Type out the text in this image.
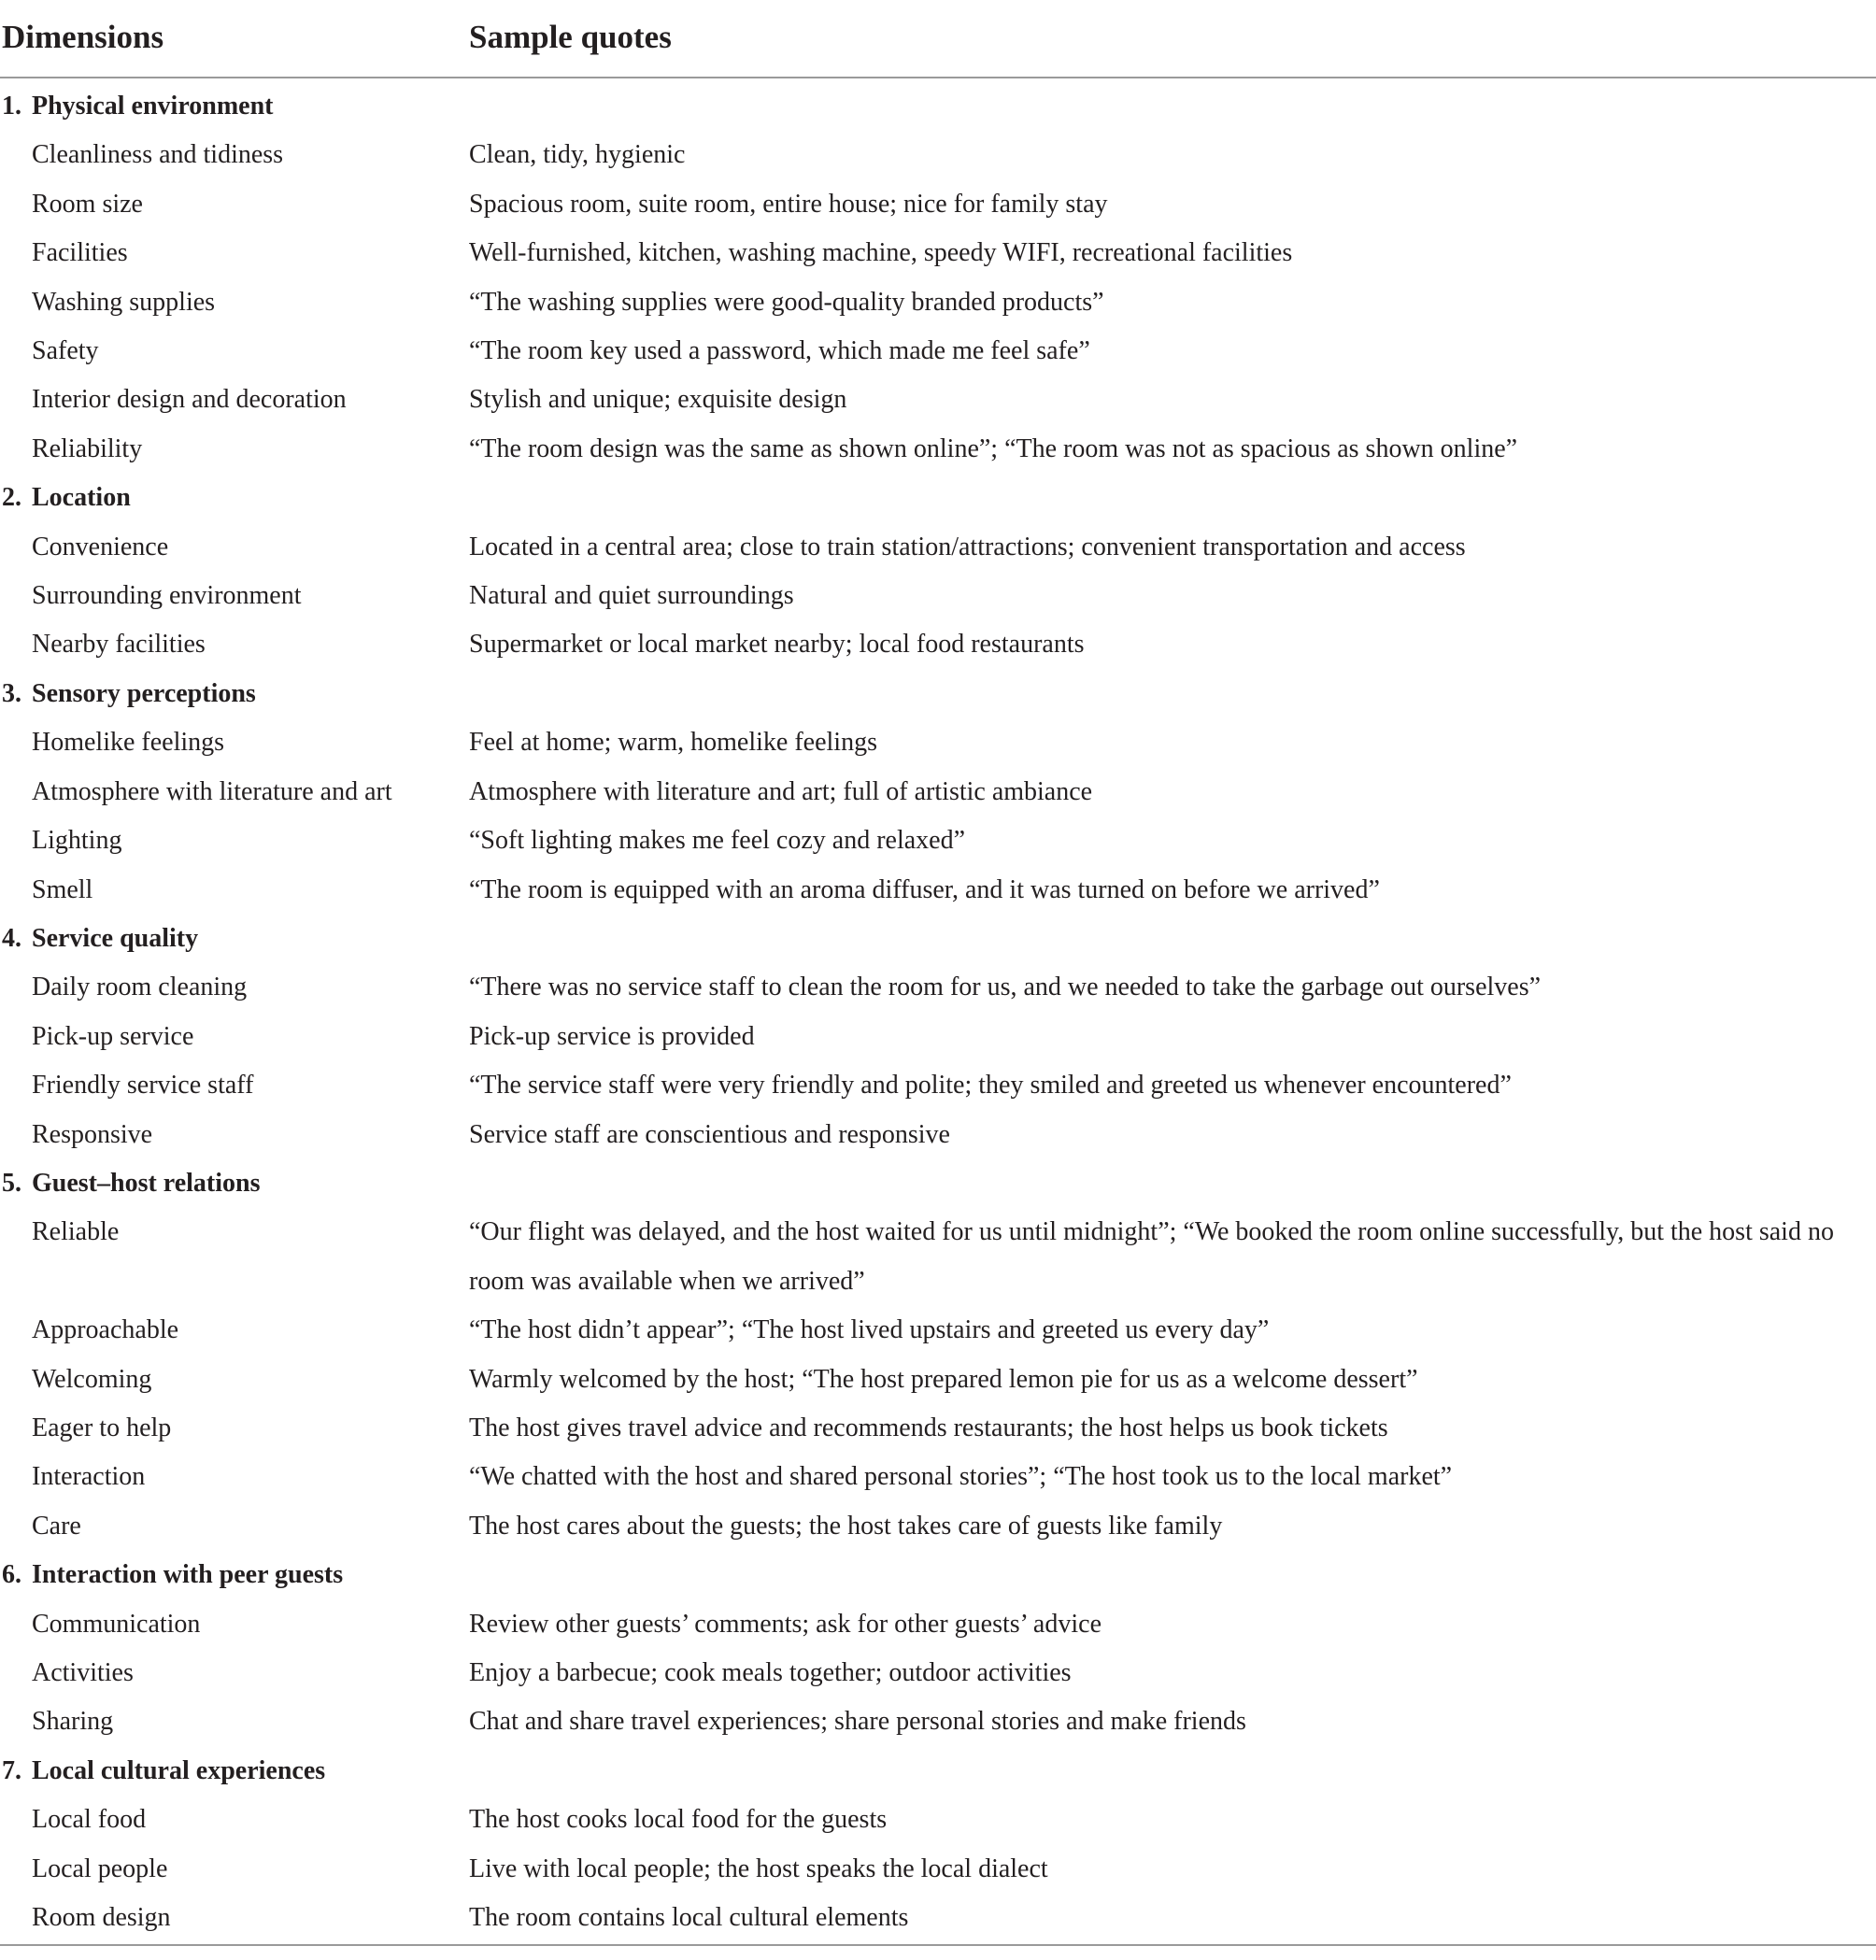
Dimensions	Sample quotes
1. Physical environment

Cleanliness and tidiness	Clean, tidy, hygienic
Room size	Spacious room, suite room, entire house; nice for family stay
Facilities	Well-furnished, kitchen, washing machine, speedy WIFI, recreational facilities
Washing supplies	“The washing supplies were good-quality branded products”
Safety	“The room key used a password, which made me feel safe”
Interior design and decoration	Stylish and unique; exquisite design
Reliability	“The room design was the same as shown online”; “The room was not as spacious as shown online”
2. Location

Convenience	Located in a central area; close to train station/attractions; convenient transportation and access
Surrounding environment	Natural and quiet surroundings
Nearby facilities	Supermarket or local market nearby; local food restaurants
3. Sensory perceptions

Homelike feelings	Feel at home; warm, homelike feelings
Atmosphere with literature and art	Atmosphere with literature and art; full of artistic ambiance
Lighting	“Soft lighting makes me feel cozy and relaxed”
Smell	“The room is equipped with an aroma diffuser, and it was turned on before we arrived”
4. Service quality

Daily room cleaning	“There was no service staff to clean the room for us, and we needed to take the garbage out ourselves”
Pick-up service	Pick-up service is provided
Friendly service staff	“The service staff were very friendly and polite; they smiled and greeted us whenever encountered”
Responsive	Service staff are conscientious and responsive
5. Guest–host relations

Reliable	“Our flight was delayed, and the host waited for us until midnight”; “We booked the room online successfully, but the host said no room was available when we arrived”
Approachable	“The host didn’t appear”; “The host lived upstairs and greeted us every day”
Welcoming	Warmly welcomed by the host; “The host prepared lemon pie for us as a welcome dessert”
Eager to help	The host gives travel advice and recommends restaurants; the host helps us book tickets
Interaction	“We chatted with the host and shared personal stories”; “The host took us to the local market”
Care	The host cares about the guests; the host takes care of guests like family
6. Interaction with peer guests

Communication	Review other guests’ comments; ask for other guests’ advice
Activities	Enjoy a barbecue; cook meals together; outdoor activities
Sharing	Chat and share travel experiences; share personal stories and make friends
7. Local cultural experiences

Local food	The host cooks local food for the guests
Local people	Live with local people; the host speaks the local dialect
Room design	The room contains local cultural elements
